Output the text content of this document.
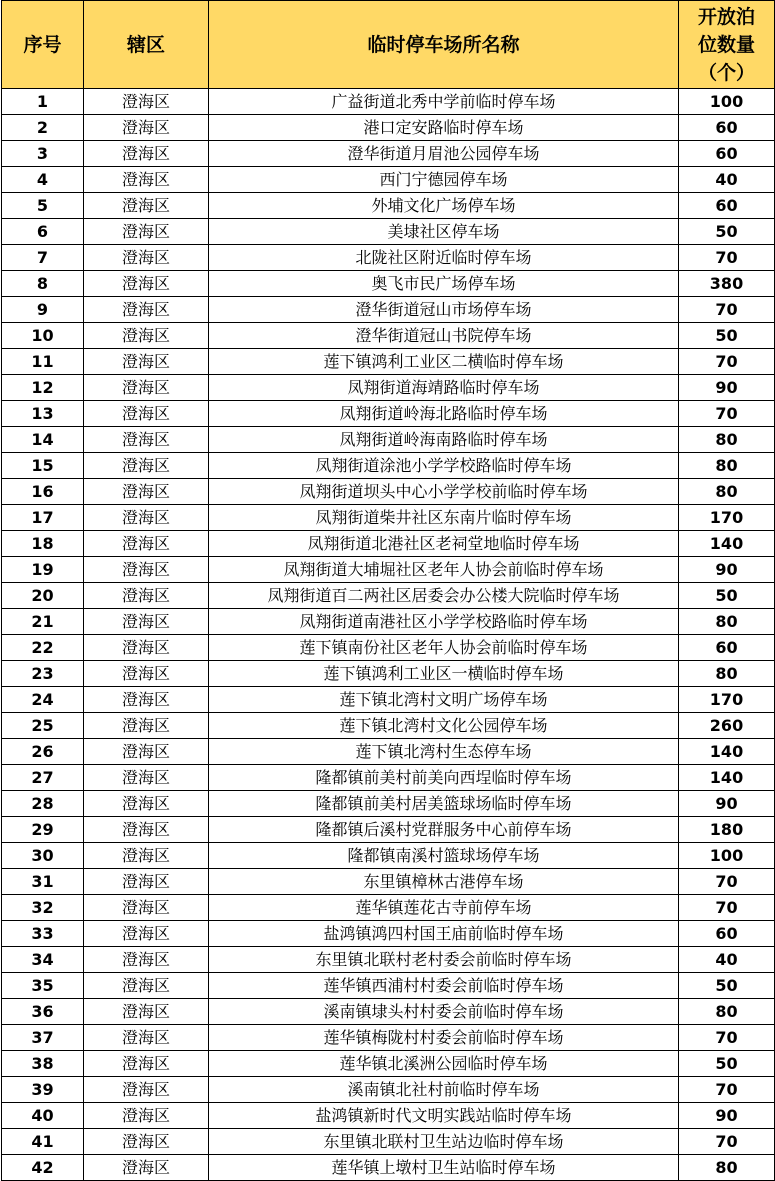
序号	辖区	临时停车场所名称	开放泊
位数量
（个）

1	澄海区	广益街道北秀中学前临时停车场	100
2	澄海区	港口定安路临时停车场	60
3	澄海区	澄华街道月眉池公园停车场	60
4	澄海区	西门宁德园停车场	40
5	澄海区	外埔文化广场停车场	60
6	澄海区	美埭社区停车场	50
7	澄海区	北陇社区附近临时停车场	70
8	澄海区	奥飞市民广场停车场	380
9	澄海区	澄华街道冠山市场停车场	70
10	澄海区	澄华街道冠山书院停车场	50
11	澄海区	莲下镇鸿利工业区二横临时停车场	70
12	澄海区	凤翔街道海靖路临时停车场	90
13	澄海区	凤翔街道岭海北路临时停车场	70
14	澄海区	凤翔街道岭海南路临时停车场	80
15	澄海区	凤翔街道涂池小学学校路临时停车场	80
16	澄海区	凤翔街道坝头中心小学学校前临时停车场	80
17	澄海区	凤翔街道柴井社区东南片临时停车场	170
18	澄海区	凤翔街道北港社区老祠堂地临时停车场	140
19	澄海区	凤翔街道大埔堀社区老年人协会前临时停车场	90
20	澄海区	凤翔街道百二两社区居委会办公楼大院临时停车场	50
21	澄海区	凤翔街道南港社区小学学校路临时停车场	80
22	澄海区	莲下镇南份社区老年人协会前临时停车场	60
23	澄海区	莲下镇鸿利工业区一横临时停车场	80
24	澄海区	莲下镇北湾村文明广场停车场	170
25	澄海区	莲下镇北湾村文化公园停车场	260
26	澄海区	莲下镇北湾村生态停车场	140
27	澄海区	隆都镇前美村前美向西埕临时停车场	140
28	澄海区	隆都镇前美村居美篮球场临时停车场	90
29	澄海区	隆都镇后溪村党群服务中心前停车场	180
30	澄海区	隆都镇南溪村篮球场停车场	100
31	澄海区	东里镇樟林古港停车场	70
32	澄海区	莲华镇莲花古寺前停车场	70
33	澄海区	盐鸿镇鸿四村国王庙前临时停车场	60
34	澄海区	东里镇北联村老村委会前临时停车场	40
35	澄海区	莲华镇西浦村村委会前临时停车场	50
36	澄海区	溪南镇埭头村村委会前临时停车场	80
37	澄海区	莲华镇梅陇村村委会前临时停车场	70
38	澄海区	莲华镇北溪洲公园临时停车场	50
39	澄海区	溪南镇北社村前临时停车场	70
40	澄海区	盐鸿镇新时代文明实践站临时停车场	90
41	澄海区	东里镇北联村卫生站边临时停车场	70
42	澄海区	莲华镇上墩村卫生站临时停车场	80
